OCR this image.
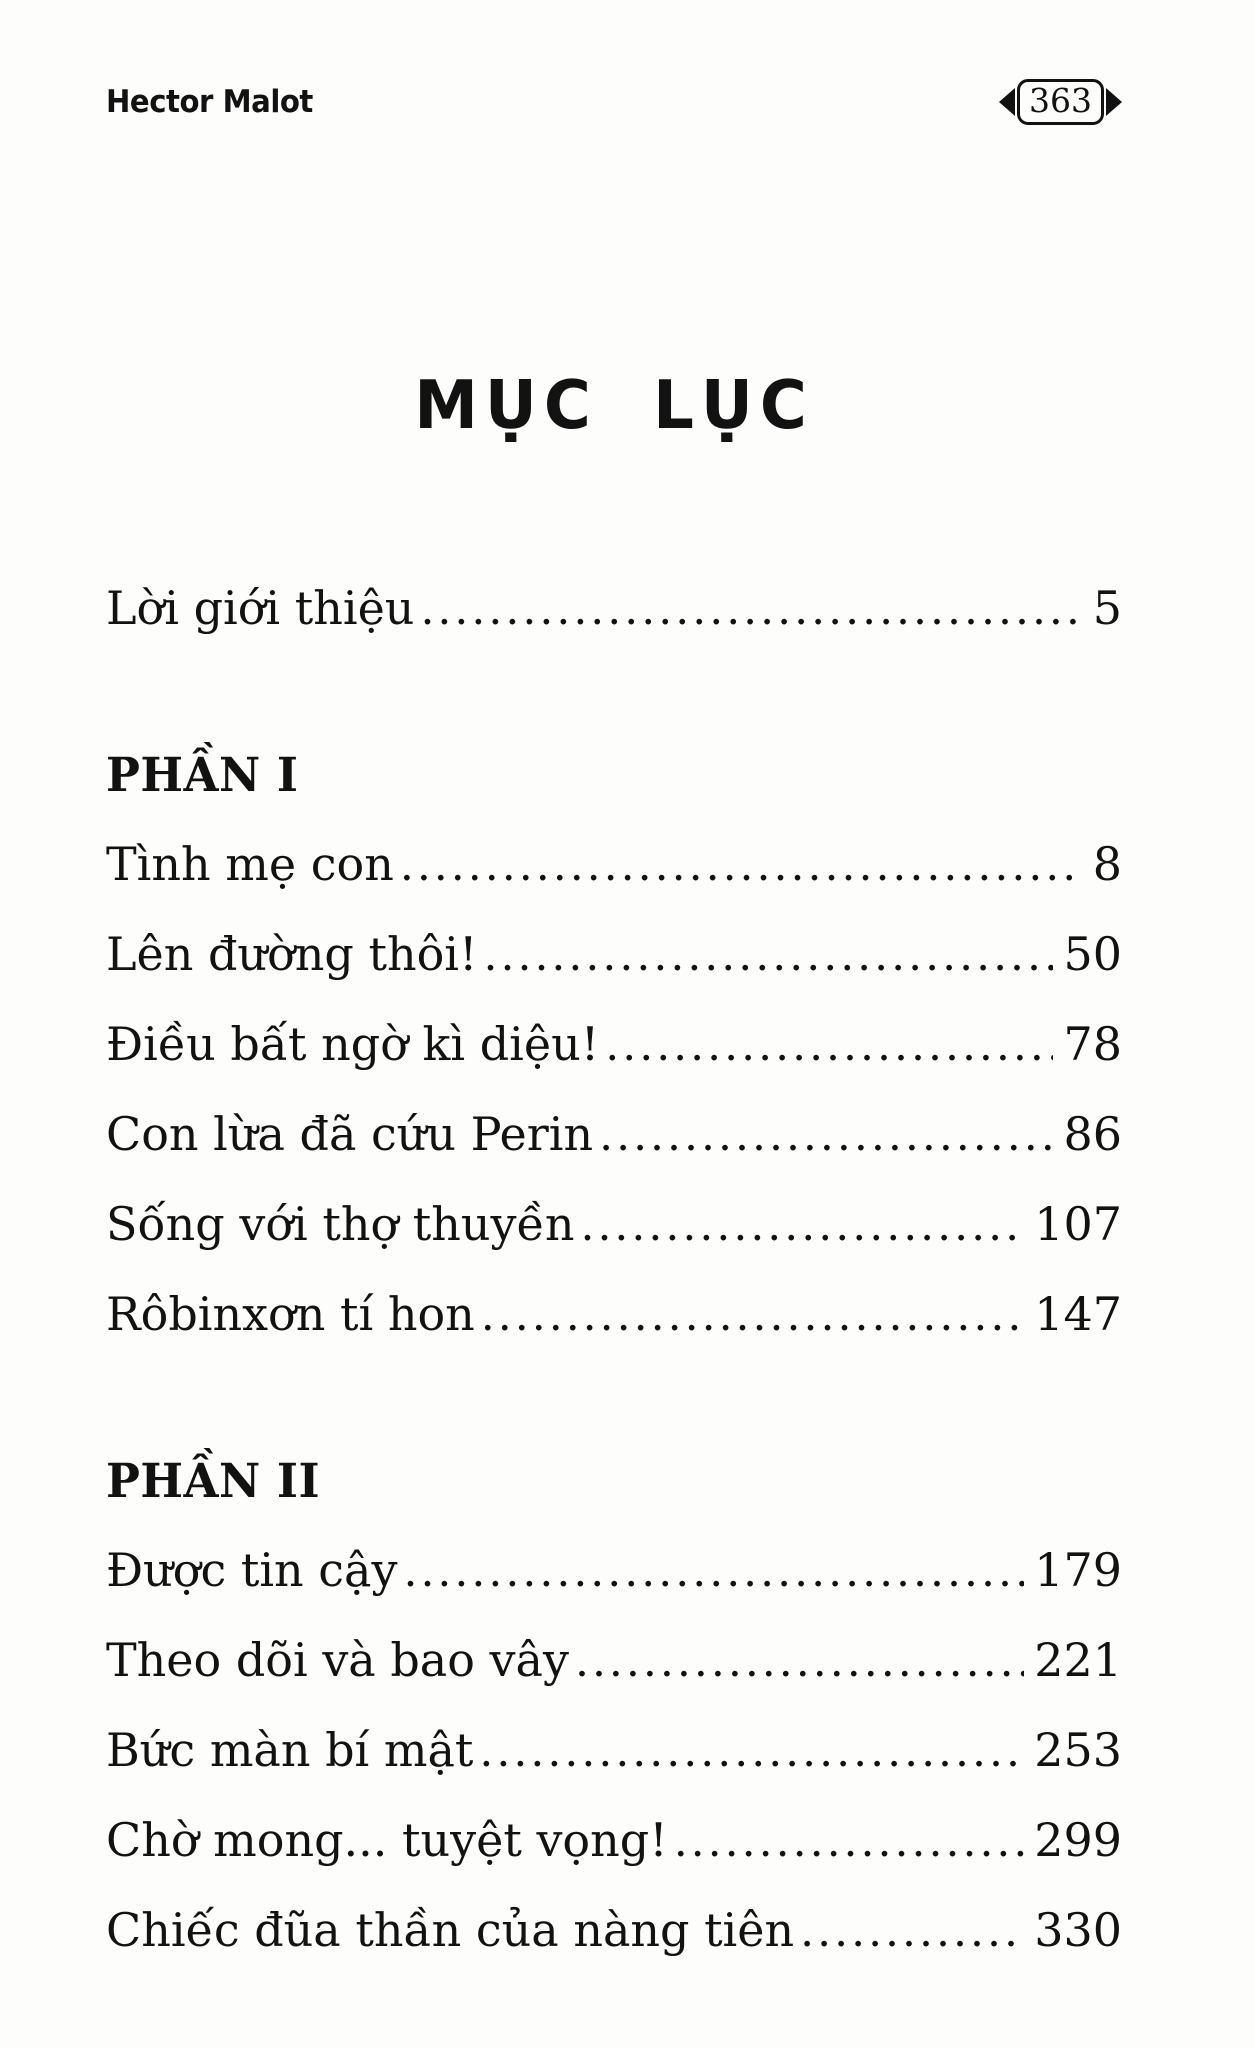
Hector Malot	363
MỤC LỤC
Lời giới thiệu .....	5
PHẦN I
Tình mẹ con .....	8
Lên đường thôi! .....	50
Điều bất ngờ kì diệu! .....	78
Con lừa đã cứu Perin .....	86
Sống với thợ thuyền .....	107
Rôbinxơn tí hon .....	147
PHẦN II
Được tin cậy .....	179
Theo dõi và bao vây .....	221
Bức màn bí mật .....	253
Chờ mong... tuyệt vọng! .....	299
Chiếc đũa thần của nàng tiên .....	330
